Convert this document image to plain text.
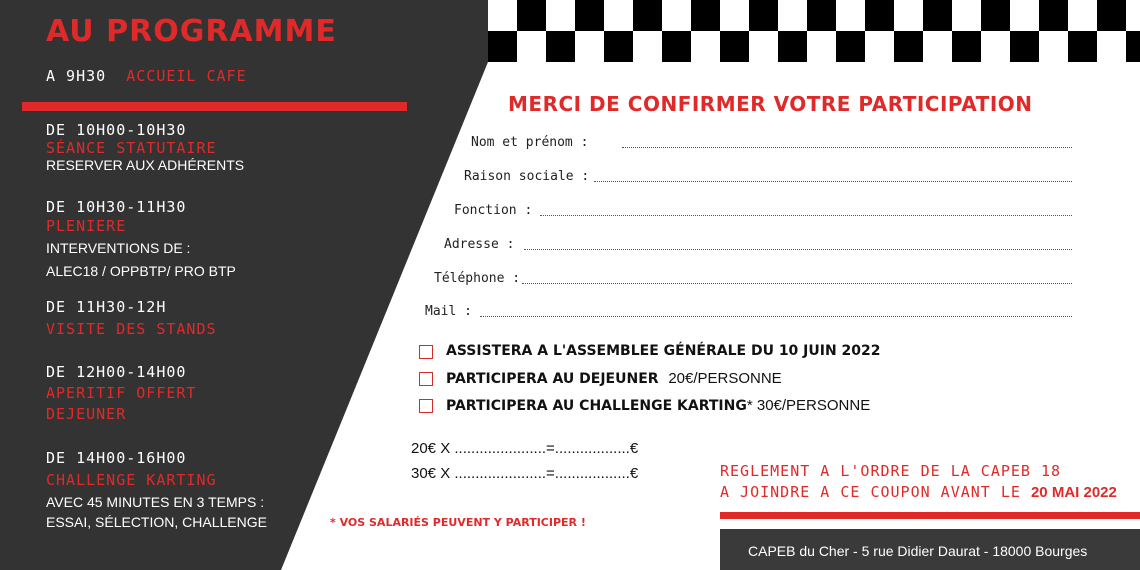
AU PROGRAMME
A 9H30 ACCUEIL CAFE
DE 10H00-10H30
SÉANCE STATUTAIRE
RESERVER AUX ADHÉRENTS
DE 10H30-11H30
PLENIERE
INTERVENTIONS DE :
ALEC18 / OPPBTP/ PRO BTP
DE 11H30-12H
VISITE DES STANDS
DE 12H00-14H00
APERITIF OFFERT
DEJEUNER
DE 14H00-16H00
CHALLENGE KARTING
AVEC 45 MINUTES EN 3 TEMPS :
ESSAI, SÉLECTION, CHALLENGE
MERCI DE CONFIRMER VOTRE PARTICIPATION
Nom et prénom :
Raison sociale :
Fonction :
Adresse :
Téléphone :
Mail :
ASSISTERA A L'ASSEMBLEE GÉNÉRALE DU 10 JUIN 2022
PARTICIPERA AU DEJEUNER 20€/PERSONNE
PARTICIPERA AU CHALLENGE KARTING* 30€/PERSONNE
20€ X ......................=..................€
30€ X ......................=..................€
* VOS SALARIÉS PEUVENT Y PARTICIPER !
REGLEMENT A L'ORDRE DE LA CAPEB 18
A JOINDRE A CE COUPON AVANT LE 20 MAI 2022
CAPEB du Cher - 5 rue Didier Daurat - 18000 Bourges
